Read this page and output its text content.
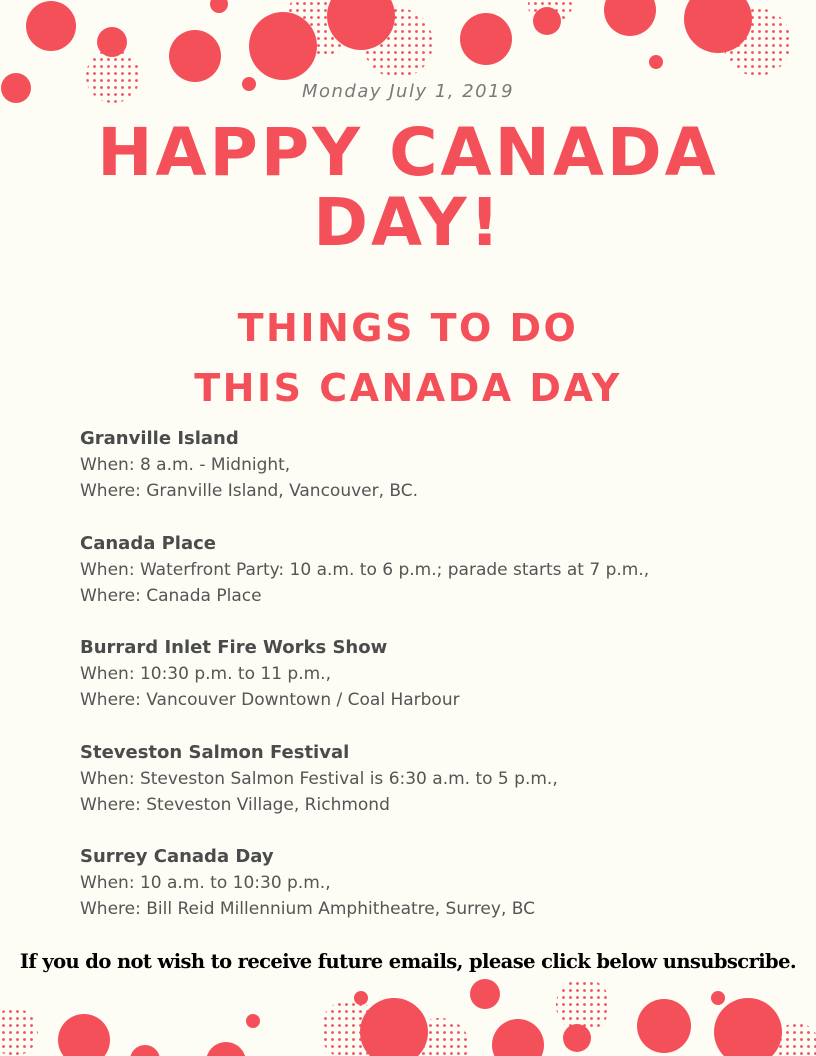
Monday July 1, 2019
HAPPY CANADA
DAY!
THINGS TO DO
THIS CANADA DAY

Granville Island

When: 8 a.m. - Midnight,

Where: Granville Island, Vancouver, BC.

Canada Place

When: Waterfront Party: 10 a.m. to 6 p.m.; parade starts at 7 p.m.,

Where: Canada Place

Burrard Inlet Fire Works Show

When: 10:30 p.m. to 11 p.m.,

Where: Vancouver Downtown / Coal Harbour

Steveston Salmon Festival

When: Steveston Salmon Festival is 6:30 a.m. to 5 p.m.,

Where: Steveston Village, Richmond

Surrey Canada Day

When: 10 a.m. to 10:30 p.m.,

Where: Bill Reid Millennium Amphitheatre, Surrey, BC

If you do not wish to receive future emails, please click below unsubscribe.
